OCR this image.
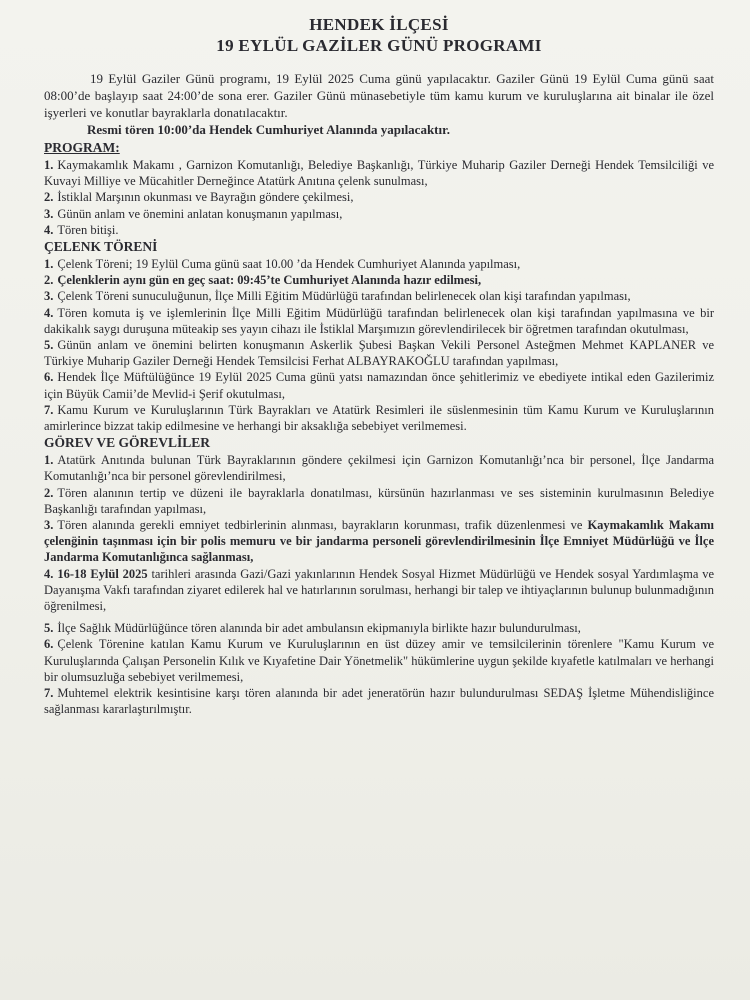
HENDEK İLÇESİ

19 EYLÜL GAZİLER GÜNÜ PROGRAMI

19 Eylül Gaziler Günü programı, 19 Eylül 2025 Cuma günü yapılacaktır. Gaziler Günü 19 Eylül Cuma günü saat 08:00’de başlayıp saat 24:00’de sona erer. Gaziler Günü münasebetiyle tüm kamu kurum ve kuruluşlarına ait binalar ile özel işyerleri ve konutlar bayraklarla donatılacaktır.

Resmi tören 10:00’da Hendek Cumhuriyet Alanında yapılacaktır.

PROGRAM:
1. Kaymakamlık Makamı , Garnizon Komutanlığı, Belediye Başkanlığı, Türkiye Muharip Gaziler Derneği Hendek Temsilciliği ve Kuvayi Milliye ve Mücahitler Derneğince Atatürk Anıtına çelenk sunulması,
2. İstiklal Marşının okunması ve Bayrağın göndere çekilmesi,
3. Günün anlam ve önemini anlatan konuşmanın yapılması,
4. Tören bitişi.
ÇELENK TÖRENİ
1. Çelenk Töreni; 19 Eylül Cuma günü saat 10.00 ’da Hendek Cumhuriyet Alanında yapılması,
2. Çelenklerin aynı gün en geç saat: 09:45’te Cumhuriyet Alanında hazır edilmesi,
3. Çelenk Töreni sunuculuğunun, İlçe Milli Eğitim Müdürlüğü tarafından belirlenecek olan kişi tarafından yapılması,
4. Tören komuta iş ve işlemlerinin İlçe Milli Eğitim Müdürlüğü tarafından belirlenecek olan kişi tarafından yapılmasına ve bir dakikalık saygı duruşuna müteakip ses yayın cihazı ile İstiklal Marşımızın görevlendirilecek bir öğretmen tarafından okutulması,
5. Günün anlam ve önemini belirten konuşmanın Askerlik Şubesi Başkan Vekili Personel Asteğmen Mehmet KAPLANER ve Türkiye Muharip Gaziler Derneği Hendek Temsilcisi Ferhat ALBAYRAKOĞLU tarafından yapılması,
6. Hendek İlçe Müftülüğünce 19 Eylül 2025 Cuma günü yatsı namazından önce şehitlerimiz ve ebediyete intikal eden Gazilerimiz için Büyük Camii’de Mevlid-i Şerif okutulması,
7. Kamu Kurum ve Kuruluşlarının Türk Bayrakları ve Atatürk Resimleri ile süslenmesinin tüm Kamu Kurum ve Kuruluşlarının amirlerince bizzat takip edilmesine ve herhangi bir aksaklığa sebebiyet verilmemesi.
GÖREV VE GÖREVLİLER
1. Atatürk Anıtında bulunan Türk Bayraklarının göndere çekilmesi için Garnizon Komutanlığı’nca bir personel, İlçe Jandarma Komutanlığı’nca bir personel görevlendirilmesi,
2. Tören alanının tertip ve düzeni ile bayraklarla donatılması, kürsünün hazırlanması ve ses sisteminin kurulmasının Belediye Başkanlığı tarafından yapılması,
3. Tören alanında gerekli emniyet tedbirlerinin alınması, bayrakların korunması, trafik düzenlenmesi ve Kaymakamlık Makamı çeleng̈inin taşınması için bir polis memuru ve bir jandarma personeli görevlendirilmesinin İlçe Emniyet Müdürlüğü ve İlçe Jandarma Komutanlığınca sağlanması,
4. 16-18 Eylül 2025 tarihleri arasında Gazi/Gazi yakınlarının Hendek Sosyal Hizmet Müdürlüğü ve Hendek sosyal Yardımlaşma ve Dayanışma Vakfı tarafından ziyaret edilerek hal ve hatırlarının sorulması, herhangi bir talep ve ihtiyaçlarının bulunup bulunmadığının öğrenilmesi,
5. İlçe Sağlık Müdürlüğünce tören alanında bir adet ambulansın ekipmanıyla birlikte hazır bulundurulması,
6. Çelenk Törenine katılan Kamu Kurum ve Kuruluşlarının en üst düzey amir ve temsilcilerinin törenlere "Kamu Kurum ve Kuruluşlarında Çalışan Personelin Kılık ve Kıyafetine Dair Yönetmelik" hükümlerine uygun şekilde kıyafetle katılmaları ve herhangi bir olumsuzluğa sebebiyet verilmemesi,
7. Muhtemel elektrik kesintisine karşı tören alanında bir adet jeneratörün hazır bulundurulması SEDAŞ İşletme Mühendisliğince sağlanması kararlaştırılmıştır.
